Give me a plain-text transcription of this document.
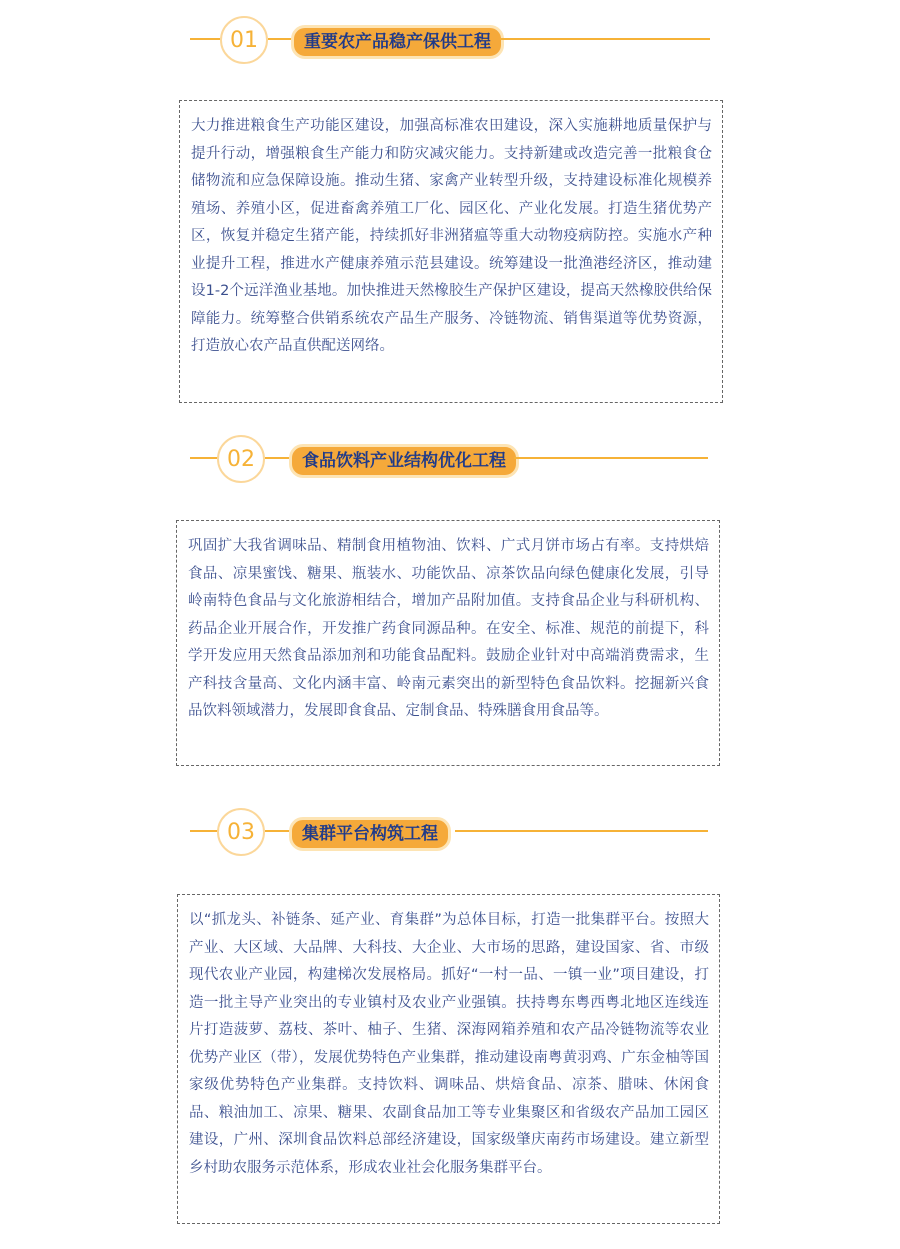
01	重要农产品稳产保供工程
大力推进粮食生产功能区建设，加强高标准农田建设，深入实施耕地质量保护与提升行动，增强粮食生产能力和防灾减灾能力。支持新建或改造完善一批粮食仓储物流和应急保障设施。推动生猪、家禽产业转型升级，支持建设标准化规模养殖场、养殖小区，促进畜禽养殖工厂化、园区化、产业化发展。打造生猪优势产区，恢复并稳定生猪产能，持续抓好非洲猪瘟等重大动物疫病防控。实施水产种业提升工程，推进水产健康养殖示范县建设。统筹建设一批渔港经济区，推动建设1-2个远洋渔业基地。加快推进天然橡胶生产保护区建设，提高天然橡胶供给保障能力。统筹整合供销系统农产品生产服务、冷链物流、销售渠道等优势资源，打造放心农产品直供配送网络。
02	食品饮料产业结构优化工程
巩固扩大我省调味品、精制食用植物油、饮料、广式月饼市场占有率。支持烘焙食品、凉果蜜饯、糖果、瓶装水、功能饮品、凉茶饮品向绿色健康化发展，引导岭南特色食品与文化旅游相结合，增加产品附加值。支持食品企业与科研机构、药品企业开展合作，开发推广药食同源品种。在安全、标准、规范的前提下，科学开发应用天然食品添加剂和功能食品配料。鼓励企业针对中高端消费需求，生产科技含量高、文化内涵丰富、岭南元素突出的新型特色食品饮料。挖掘新兴食品饮料领域潜力，发展即食食品、定制食品、特殊膳食用食品等。
03	集群平台构筑工程
以“抓龙头、补链条、延产业、育集群”为总体目标，打造一批集群平台。按照大产业、大区域、大品牌、大科技、大企业、大市场的思路，建设国家、省、市级现代农业产业园，构建梯次发展格局。抓好“一村一品、一镇一业”项目建设，打造一批主导产业突出的专业镇村及农业产业强镇。扶持粤东粤西粤北地区连线连片打造菠萝、荔枝、茶叶、柚子、生猪、深海网箱养殖和农产品冷链物流等农业优势产业区（带），发展优势特色产业集群，推动建设南粤黄羽鸡、广东金柚等国家级优势特色产业集群。支持饮料、调味品、烘焙食品、凉茶、腊味、休闲食品、粮油加工、凉果、糖果、农副食品加工等专业集聚区和省级农产品加工园区建设，广州、深圳食品饮料总部经济建设，国家级肇庆南药市场建设。建立新型乡村助农服务示范体系，形成农业社会化服务集群平台。
